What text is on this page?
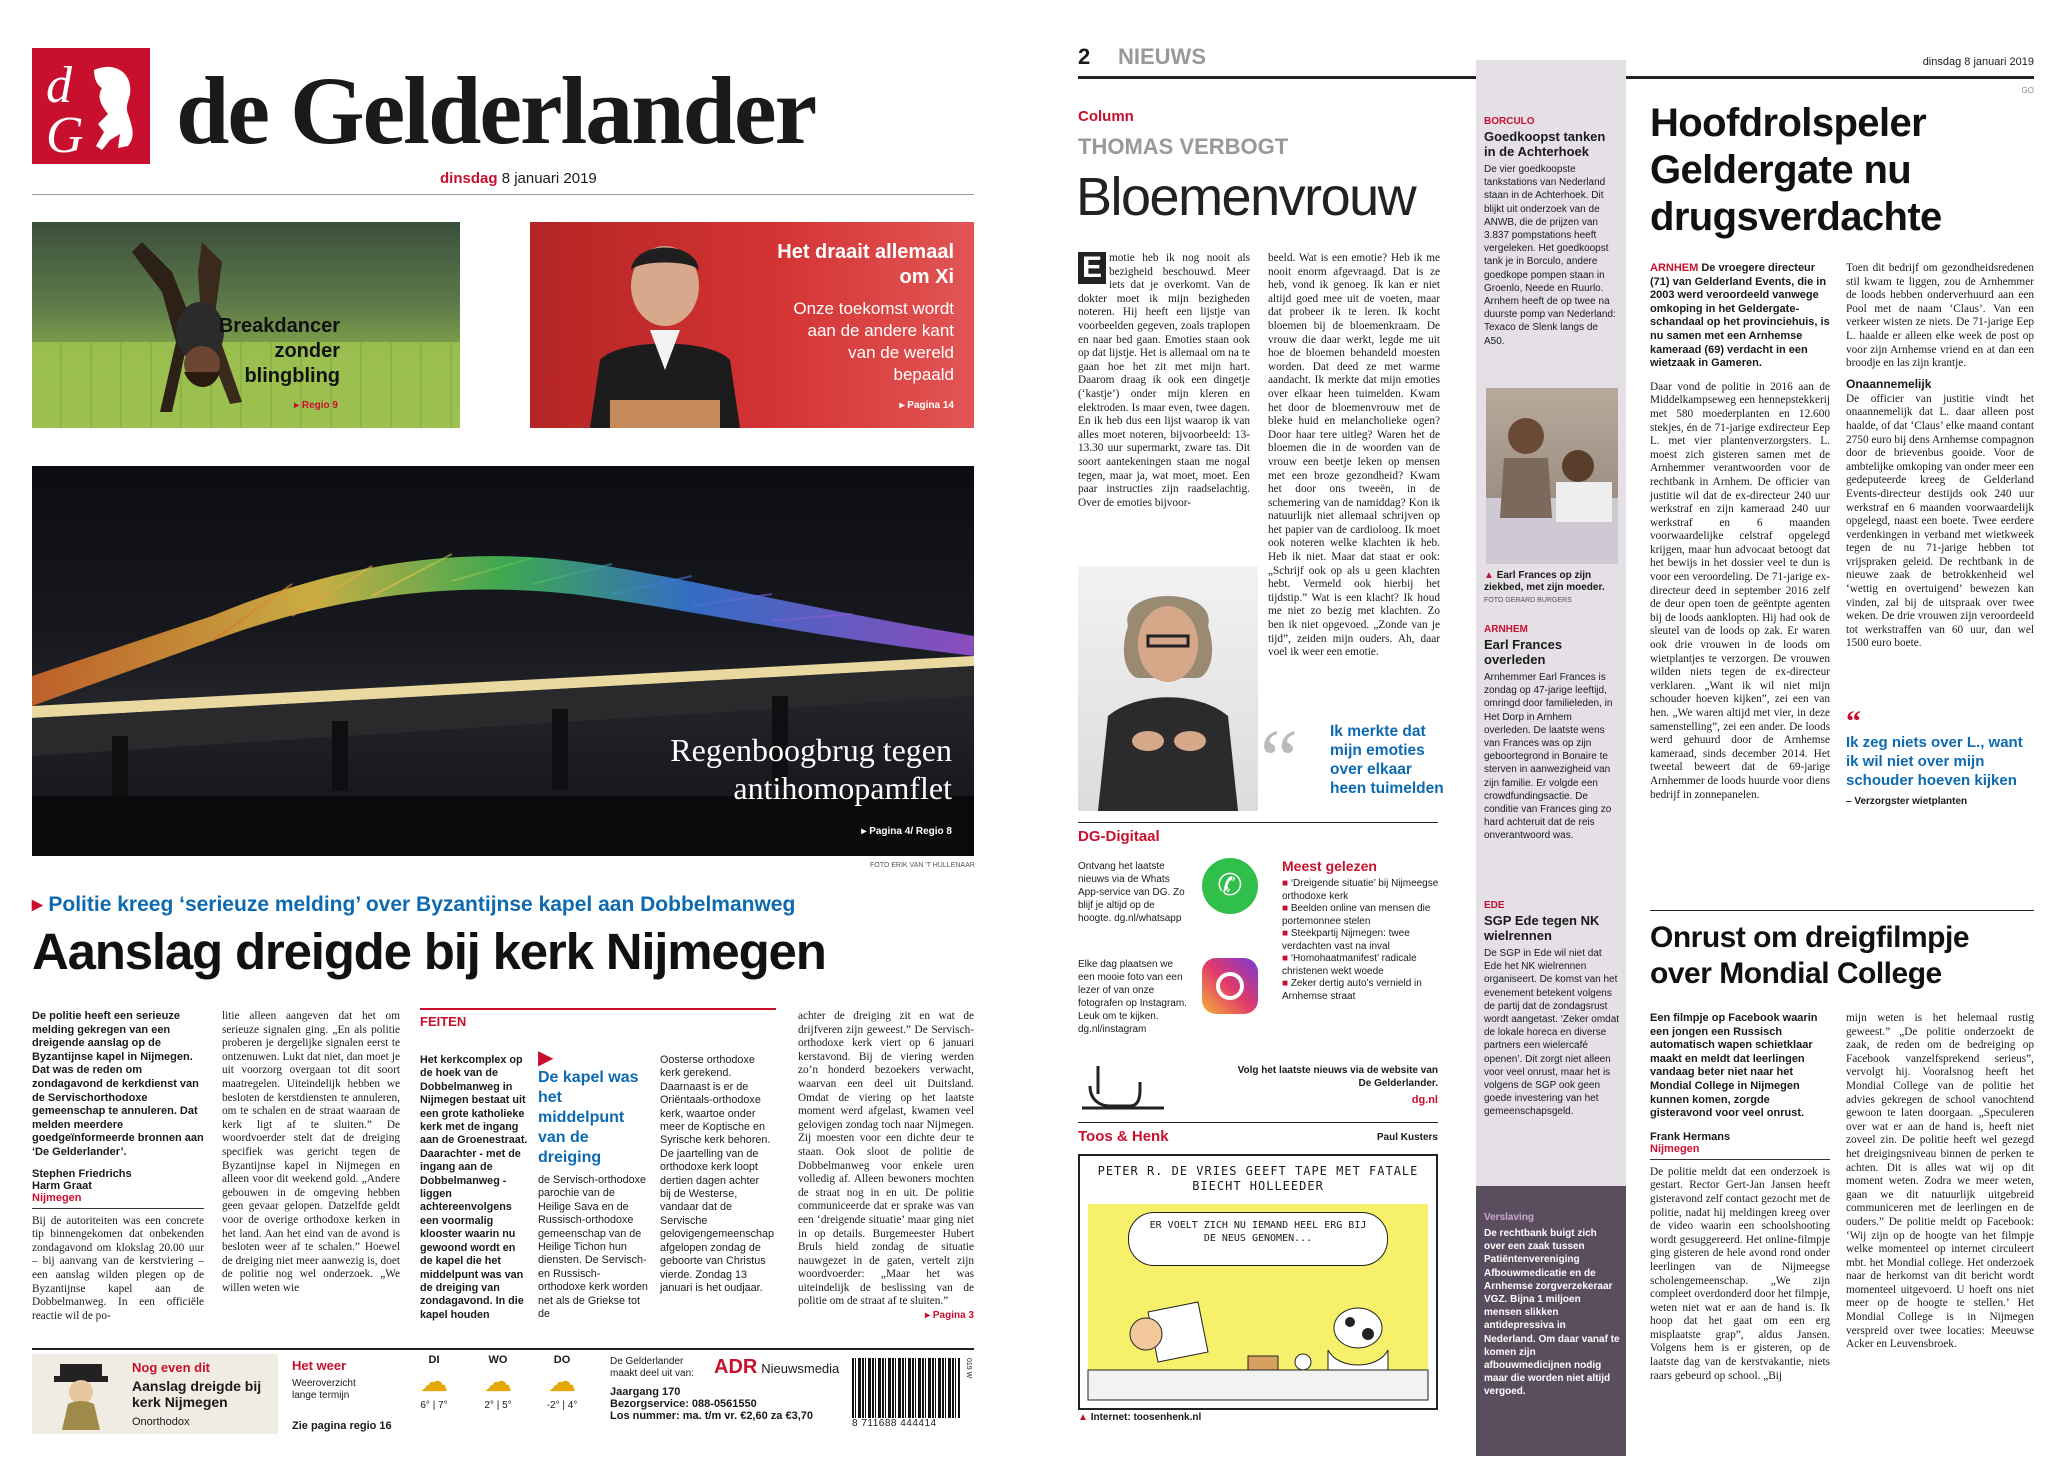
d
G de Gelderlander
dinsdag 8 januari 2019
Breakdancer zonder blingbling
▸ Regio 9
Het draait allemaal om Xi
Onze toekomst wordt aan de andere kant van de wereld bepaald
▸ Pagina 14
Regenboogbrug tegen antihomopamflet
▸ Pagina 4/ Regio 8
FOTO ERIK VAN 'T HULLENAAR
▸ Politie kreeg ‘serieuze melding’ over Byzantijnse kapel aan Dobbelmanweg
Aanslag dreigde bij kerk Nijmegen
De politie heeft een serieuze melding gekregen van een dreigende aanslag op de Byzantijnse kapel in Nijmegen. Dat was de reden om zondagavond de kerkdienst van de Servischorthodoxe gemeenschap te annuleren. Dat melden meerdere goedgeïnformeerde bronnen aan ‘De Gelderlander’.
Stephen Friedrichs
Harm Graat
Nijmegen
Bij de autoriteiten was een concrete tip binnengekomen dat onbekenden zondagavond om klokslag 20.00 uur – bij aanvang van de kerstviering – een aanslag wilden plegen op de Byzantijnse kapel aan de Dobbelmanweg. In een officiële reactie wil de po-
litie alleen aangeven dat het om serieuze signalen ging. „En als politie proberen je dergelijke signalen eerst te ontzenuwen. Lukt dat niet, dan moet je uit voorzorg overgaan tot dit soort maatregelen. Uiteindelijk hebben we besloten de kerstdiensten te annuleren, om te schalen en de straat waaraan de kerk ligt af te sluiten.” De woordvoerder stelt dat de dreiging specifiek was gericht tegen de Byzantijnse kapel in Nijmegen en alleen voor dit weekend gold. „Andere gebouwen in de omgeving hebben geen gevaar gelopen. Datzelfde geldt voor de overige orthodoxe kerken in het land. Aan het eind van de avond is besloten weer af te schalen.” Hoewel de dreiging niet meer aanwezig is, doet de politie nog wel onderzoek. „We willen weten wie
FEITEN
Het kerkcomplex op de hoek van de Dobbelmanweg in Nijmegen bestaat uit een grote katholieke kerk met de ingang aan de Groenestraat. Daarachter - met de ingang aan de Dobbelmanweg - liggen achtereenvolgens een voormalig klooster waarin nu gewoond wordt en de kapel die het middelpunt was van de dreiging van zondagavond. In die kapel houden
▶
De kapel was het middelpunt van de dreiging
de Servisch-orthodoxe parochie van de Heilige Sava en de Russisch-orthodoxe gemeenschap van de Heilige Tichon hun diensten. De Servisch- en Russisch-orthodoxe kerk worden net als de Griekse tot de
Oosterse orthodoxe kerk gerekend. Daarnaast is er de Oriëntaals-orthodoxe kerk, waartoe onder meer de Koptische en Syrische kerk behoren. De jaartelling van de orthodoxe kerk loopt dertien dagen achter bij de Westerse, vandaar dat de Servische gelovigengemeenschap afgelopen zondag de geboorte van Christus vierde. Zondag 13 januari is het oudjaar.
achter de dreiging zit en wat de drijfveren zijn geweest.” De Servisch-orthodoxe kerk viert op 6 januari kerstavond. Bij de viering werden zo’n honderd bezoekers verwacht, waarvan een deel uit Duitsland. Omdat de viering op het laatste moment werd afgelast, kwamen veel gelovigen zondag toch naar Nijmegen. Zij moesten voor een dichte deur te staan. Ook sloot de politie de Dobbelmanweg voor enkele uren volledig af. Alleen bewoners mochten de straat nog in en uit. De politie communiceerde dat er sprake was van een ‘dreigende situatie’ maar ging niet in op details. Burgemeester Hubert Bruls hield zondag de situatie nauwgezet in de gaten, vertelt zijn woordvoerder: „Maar het was uiteindelijk de beslissing van de politie om de straat af te sluiten.”
▸ Pagina 3
Nog even dit
Aanslag dreigde bij kerk Nijmegen
Onorthodox
Het weer
Weeroverzicht lange termijn
Zie pagina regio 16
DI
☁
6° | 7°
WO
☁
2° | 5°
DO
☁
-2° | 4°
De Gelderlander maakt deel uit van:	ADR Nieuwsmedia
Jaargang 170
Bezorgservice: 088-0561550
Los nummer: ma. t/m vr. €2,60 za €3,70
8 711688 444414
019 W
2 NIEUWS	dinsdag 8 januari 2019
GO
Column
THOMAS VERBOGT
Bloemenvrouw
E motie heb ik nog nooit als bezigheid beschouwd. Meer iets dat je overkomt. Van de dokter moet ik mijn bezigheden noteren. Hij heeft een lijstje van voorbeelden gegeven, zoals traplopen en naar bed gaan. Emoties staan ook op dat lijstje. Het is allemaal om na te gaan hoe het zit met mijn hart. Daarom draag ik ook een dingetje (‘kastje’) onder mijn kleren en elektroden. Is maar even, twee dagen. En ik heb dus een lijst waarop ik van alles moet noteren, bijvoorbeeld: 13-13.30 uur supermarkt, zware tas. Dit soort aantekeningen staan me nogal tegen, maar ja, wat moet, moet. Een paar instructies zijn raadselachtig. Over de emoties bijvoor-
beeld. Wat is een emotie? Heb ik me nooit enorm afgevraagd. Dat is ze heb, vond ik genoeg. Ik kan er niet altijd goed mee uit de voeten, maar dat probeer ik te leren. Ik kocht bloemen bij de bloemenkraam. De vrouw die daar werkt, legde me uit hoe de bloemen behandeld moesten worden. Dat deed ze met warme aandacht. Ik merkte dat mijn emoties over elkaar heen tuimelden. Kwam het door de bloemenvrouw met de bleke huid en melancholieke ogen? Door haar tere uitleg? Waren het de bloemen die in de woorden van de vrouw een beetje leken op mensen met een broze gezondheid? Kwam het door ons tweeën, in de schemering van de namiddag? Kon ik natuurlijk niet allemaal schrijven op het papier van de cardioloog. Ik moet ook noteren welke klachten ik heb. Heb ik niet. Maar dat staat er ook: „Schrijf ook op als u geen klachten hebt. Vermeld ook hierbij het tijdstip.” Wat is een klacht? Ik houd me niet zo bezig met klachten. Zo ben ik niet opgevoed. „Zonde van je tijd”, zeiden mijn ouders. Ah, daar voel ik weer een emotie.
“ Ik merkte dat mijn emoties over elkaar heen tuimelden
DG-Digitaal
Ontvang het laatste nieuws via de Whats App-service van DG. Zo blijf je altijd op de hoogte. dg.nl/whatsapp
✆
Elke dag plaatsen we een mooie foto van een lezer of van onze fotografen op Instagram. Leuk om te kijken. dg.nl/instagram
Meest gelezen
■ ‘Dreigende situatie’ bij Nijmeegse orthodoxe kerk
■ Beelden online van mensen die portemonnee stelen
■ Steekpartij Nijmegen: twee verdachten vast na inval
■ ‘Homohaatmanifest’ radicale christenen wekt woede
■ Zeker dertig auto’s vernield in Arnhemse straat
Volg het laatste nieuws via de website van De Gelderlander.
dg.nl
Toos & Henk	Paul Kusters
PETER R. DE VRIES GEEFT TAPE MET FATALE BIECHT HOLLEEDER
ER VOELT ZICH NU IEMAND HEEL ERG BIJ DE NEUS GENOMEN...
▲ Internet: toosenhenk.nl
BORCULO
Goedkoopst tanken in de Achterhoek
De vier goedkoopste tankstations van Nederland staan in de Achterhoek. Dit blijkt uit onderzoek van de ANWB, die de prijzen van 3.837 pompstations heeft vergeleken. Het goedkoopst tank je in Borculo, andere goedkope pompen staan in Groenlo, Neede en Ruurlo. Arnhem heeft de op twee na duurste pomp van Nederland: Texaco de Slenk langs de A50.
▲ Earl Frances op zijn ziekbed, met zijn moeder. FOTO GERARD BURGERS
ARNHEM
Earl Frances overleden
Arnhemmer Earl Frances is zondag op 47-jarige leeftijd, omringd door familieleden, in Het Dorp in Arnhem overleden. De laatste wens van Frances was op zijn geboortegrond in Bonaire te sterven in aanwezigheid van zijn familie. Er volgde een crowdfundingsactie. De conditie van Frances ging zo hard achteruit dat de reis onverantwoord was.
EDE
SGP Ede tegen NK wielrennen
De SGP in Ede wil niet dat Ede het NK wielrennen organiseert. De komst van het evenement betekent volgens de partij dat de zondagsrust wordt aangetast. ‘Zeker omdat de lokale horeca en diverse partners een wielercafé openen’. Dit zorgt niet alleen voor veel onrust, maar het is volgens de SGP ook geen goede investering van het gemeenschapsgeld.
Verslaving
De rechtbank buigt zich over een zaak tussen Patiëntenvereniging Afbouwmedicatie en de Arnhemse zorgverzekeraar VGZ. Bijna 1 miljoen mensen slikken antidepressiva in Nederland. Om daar vanaf te komen zijn afbouwmedicijnen nodig maar die worden niet altijd vergoed.
Hoofdrolspeler Geldergate nu drugsverdachte
ARNHEM De vroegere directeur (71) van Gelderland Events, die in 2003 werd veroordeeld vanwege omkoping in het Geldergate-schandaal op het provinciehuis, is nu samen met een Arnhemse kameraad (69) verdacht in een wietzaak in Gameren.
Daar vond de politie in 2016 aan de Middelkampseweg een hennepstekkerij met 580 moederplanten en 12.600 stekjes, én de 71-jarige exdirecteur Eep L. met vier plantenverzorgsters. L. moest zich gisteren samen met de Arnhemmer verantwoorden voor de rechtbank in Arnhem. De officier van justitie wil dat de ex-directeur 240 uur werkstraf en zijn kameraad 240 uur werkstraf en 6 maanden voorwaardelijke celstraf opgelegd krijgen, maar hun advocaat betoogt dat het bewijs in het dossier veel te dun is voor een veroordeling. De 71-jarige ex-directeur deed in september 2016 zelf de deur open toen de geëntpte agenten bij de loods aanklopten. Hij had ook de sleutel van de loods op zak. Er waren ook drie vrouwen in de loods om wietplantjes te verzorgen. De vrouwen wilden niets tegen de ex-directeur verklaren. „Want ik wil niet mijn schouder hoeven kijken”, zei een van hen. „We waren altijd met vier, in deze samenstelling”, zei een ander. De loods werd gehuurd door de Arnhemse kameraad, sinds december 2014. Het tweetal beweert dat de 69-jarige Arnhemmer de loods huurde voor diens bedrijf in zonnepanelen.
Toen dit bedrijf om gezondheidsredenen stil kwam te liggen, zou de Arnhemmer de loods hebben onderverhuurd aan een Pool met de naam ‘Claus’. Van een verkeer wisten ze niets. De 71-jarige Eep L. haalde er alleen elke week de post op voor zijn Arnhemse vriend en at dan een broodje en las zijn krantje.
Onaannemelijk
De officier van justitie vindt het onaannemelijk dat L. daar alleen post haalde, of dat ‘Claus’ elke maand contant 2750 euro bij dens Arnhemse compagnon door de brievenbus gooide. Voor de ambtelijke omkoping van onder meer een gedeputeerde kreeg de Gelderland Events-directeur destijds ook 240 uur werkstraf en 6 maanden voorwaardelijk opgelegd, naast een boete. Twee eerdere verdenkingen in verband met wietkweek tegen de nu 71-jarige hebben tot vrijspraken geleid. De rechtbank in de nieuwe zaak de betrokkenheid wel ‘wettig en overtuigend’ bewezen kan vinden, zal bij de uitspraak over twee weken. De drie vrouwen zijn veroordeeld tot werkstraffen van 60 uur, dan wel 1500 euro boete.
“
Ik zeg niets over L., want ik wil niet over mijn schouder hoeven kijken
– Verzorgster wietplanten
Onrust om dreigfilmpje over Mondial College
Een filmpje op Facebook waarin een jongen een Russisch automatisch wapen schietklaar maakt en meldt dat leerlingen vandaag beter niet naar het Mondial College in Nijmegen kunnen komen, zorgde gisteravond voor veel onrust.
Frank Hermans
Nijmegen
De politie meldt dat een onderzoek is gestart. Rector Gert-Jan Jansen heeft gisteravond zelf contact gezocht met de politie, nadat hij meldingen kreeg over de video waarin een schoolshooting wordt gesuggereerd. Het online-filmpje ging gisteren de hele avond rond onder leerlingen van de Nijmeegse scholengemeenschap. „We zijn compleet overdonderd door het filmpje, weten niet wat er aan de hand is. Ik hoop dat het gaat om een erg misplaatste grap”, aldus Jansen. Volgens hem is er gisteren, op de laatste dag van de kerstvakantie, niets raars gebeurd op school. „Bij
mijn weten is het helemaal rustig geweest.” „De politie onderzoekt de zaak, de reden om de bedreiging op Facebook vanzelfsprekend serieus”, vervolgt hij. Vooralsnog heeft het Mondial College van de politie het advies gekregen de school vanochtend gewoon te laten doorgaan. „Speculeren over wat er aan de hand is, heeft niet zoveel zin. De politie heeft wel gezegd het dreigingsniveau binnen de perken te achten. Dit is alles wat wij op dit moment weten. Zodra we meer weten, gaan we dit natuurlijk uitgebreid communiceren met de leerlingen en de ouders.” De politie meldt op Facebook: ‘Wij zijn op de hoogte van het filmpje welke momenteel op internet circuleert mbt. het Mondial college. Het onderzoek naar de herkomst van dit bericht wordt momenteel uitgevoerd. U hoeft ons niet meer op de hoogte te stellen.’ Het Mondial College is in Nijmegen verspreid over twee locaties: Meeuwse Acker en Leuvensbroek.
